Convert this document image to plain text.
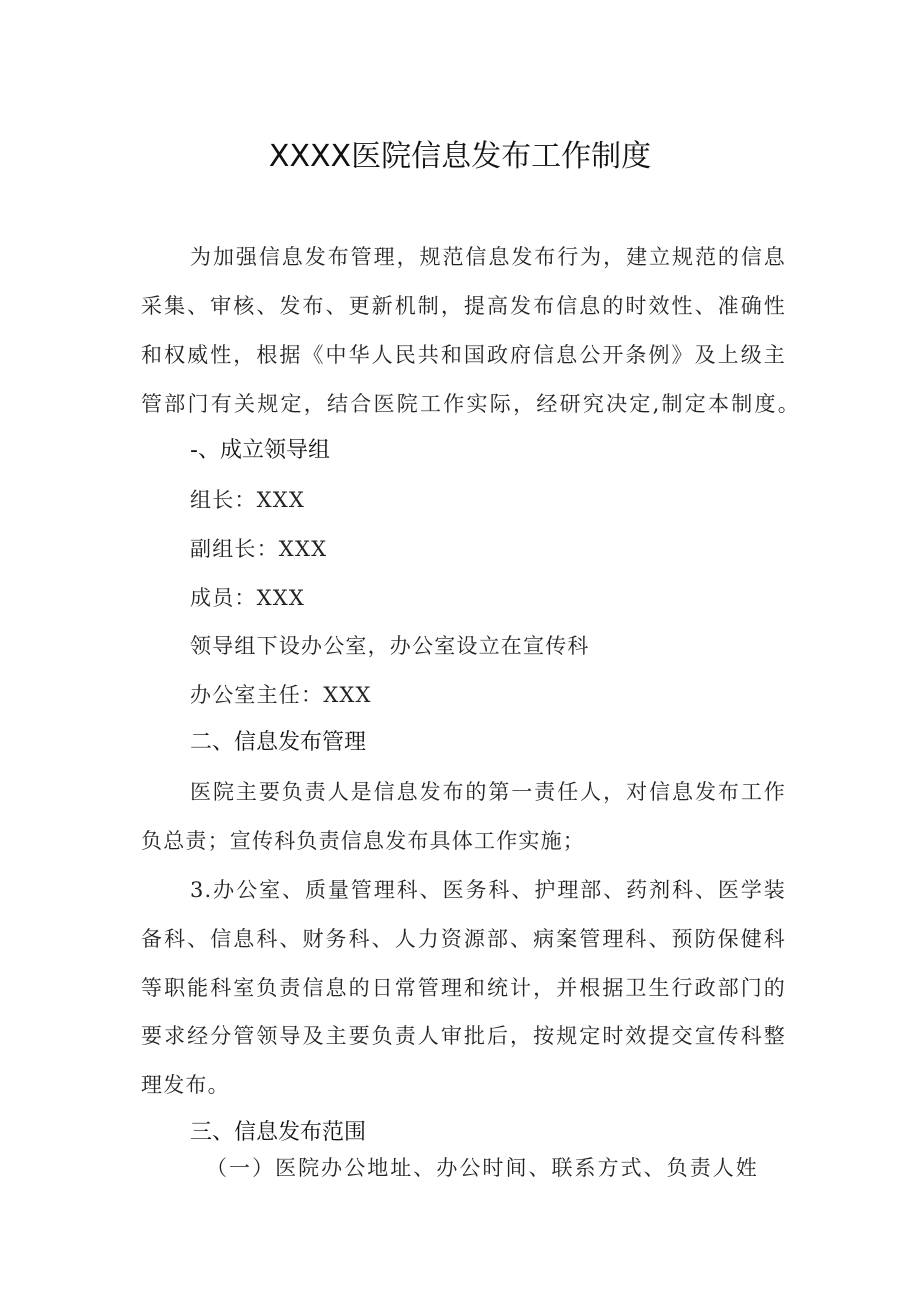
XXXX医院信息发布工作制度
为加强信息发布管理，规范信息发布行为，建立规范的信息
采集、审核、发布、更新机制，提高发布信息的时效性、准确性
和权威性，根据《中华人民共和国政府信息公开条例》及上级主
管部门有关规定，结合医院工作实际，经研究决定,制定本制度。
-、成立领导组
组长：XXX
副组长：XXX
成员：XXX
领导组下设办公室，办公室设立在宣传科
办公室主任：XXX
二、信息发布管理
医院主要负责人是信息发布的第一责任人，对信息发布工作
负总责；宣传科负责信息发布具体工作实施；
3.办公室、质量管理科、医务科、护理部、药剂科、医学装
备科、信息科、财务科、人力资源部、病案管理科、预防保健科
等职能科室负责信息的日常管理和统计，并根据卫生行政部门的
要求经分管领导及主要负责人审批后，按规定时效提交宣传科整
理发布。
三、信息发布范围
（一）医院办公地址、办公时间、联系方式、负责人姓
